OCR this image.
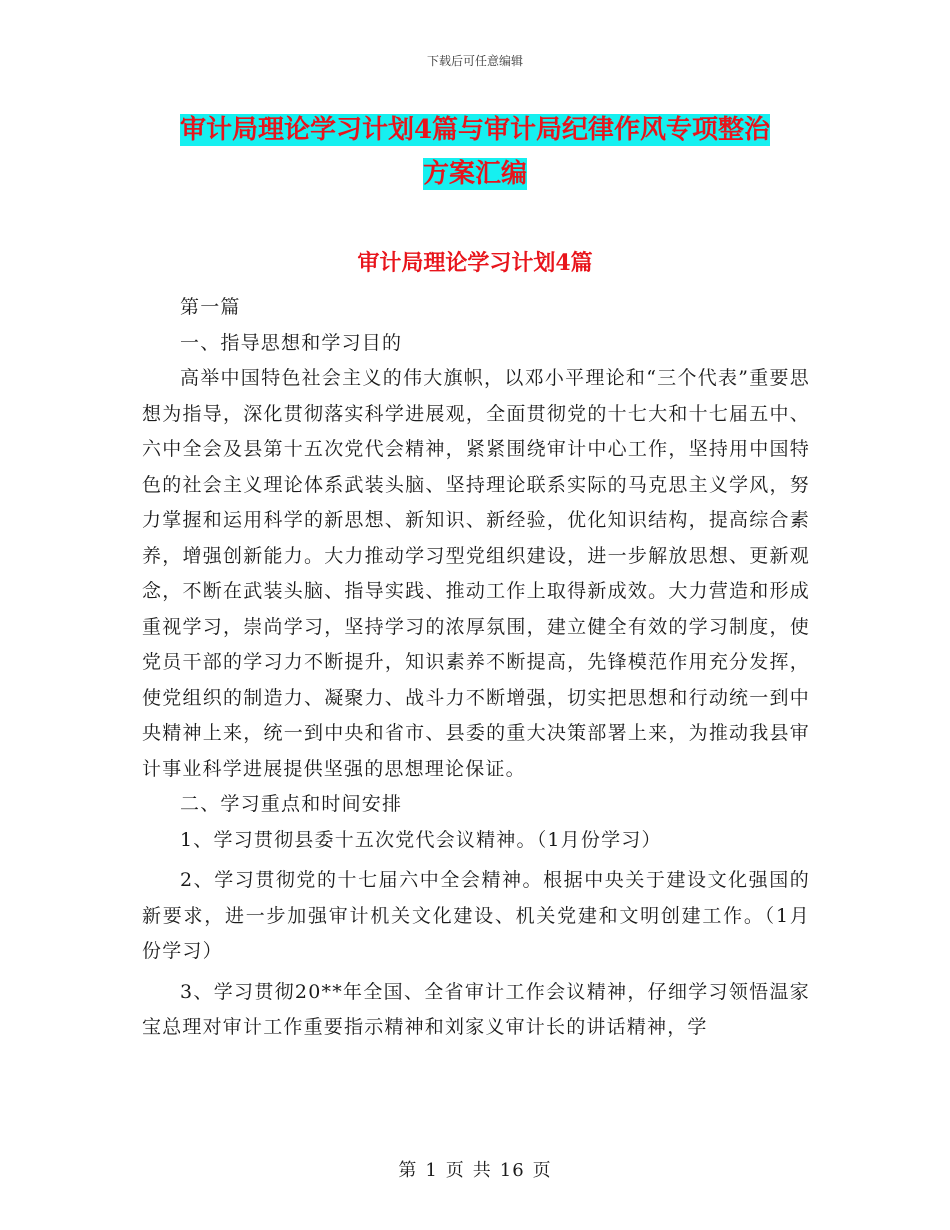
下载后可任意编辑
审计局理论学习计划4篇与审计局纪律作风专项整治
方案汇编
审计局理论学习计划4篇

第一篇

一、指导思想和学习目的

高举中国特色社会主义的伟大旗帜，以邓小平理论和“三个代表”重要思想为指导，深化贯彻落实科学进展观，全面贯彻党的十七大和十七届五中、六中全会及县第十五次党代会精神，紧紧围绕审计中心工作，坚持用中国特色的社会主义理论体系武装头脑、坚持理论联系实际的马克思主义学风，努力掌握和运用科学的新思想、新知识、新经验，优化知识结构，提高综合素养，增强创新能力。大力推动学习型党组织建设，进一步解放思想、更新观念，不断在武装头脑、指导实践、推动工作上取得新成效。大力营造和形成重视学习，崇尚学习，坚持学习的浓厚氛围，建立健全有效的学习制度，使党员干部的学习力不断提升，知识素养不断提高，先锋模范作用充分发挥，使党组织的制造力、凝聚力、战斗力不断增强，切实把思想和行动统一到中央精神上来，统一到中央和省市、县委的重大决策部署上来，为推动我县审计事业科学进展提供坚强的思想理论保证。

二、学习重点和时间安排

1、学习贯彻县委十五次党代会议精神。（1月份学习）

2、学习贯彻党的十七届六中全会精神。根据中央关于建设文化强国的新要求，进一步加强审计机关文化建设、机关党建和文明创建工作。（1月份学习）

3、学习贯彻20**年全国、全省审计工作会议精神，仔细学习领悟温家宝总理对审计工作重要指示精神和刘家义审计长的讲话精神，学

第 1 页 共 16 页
